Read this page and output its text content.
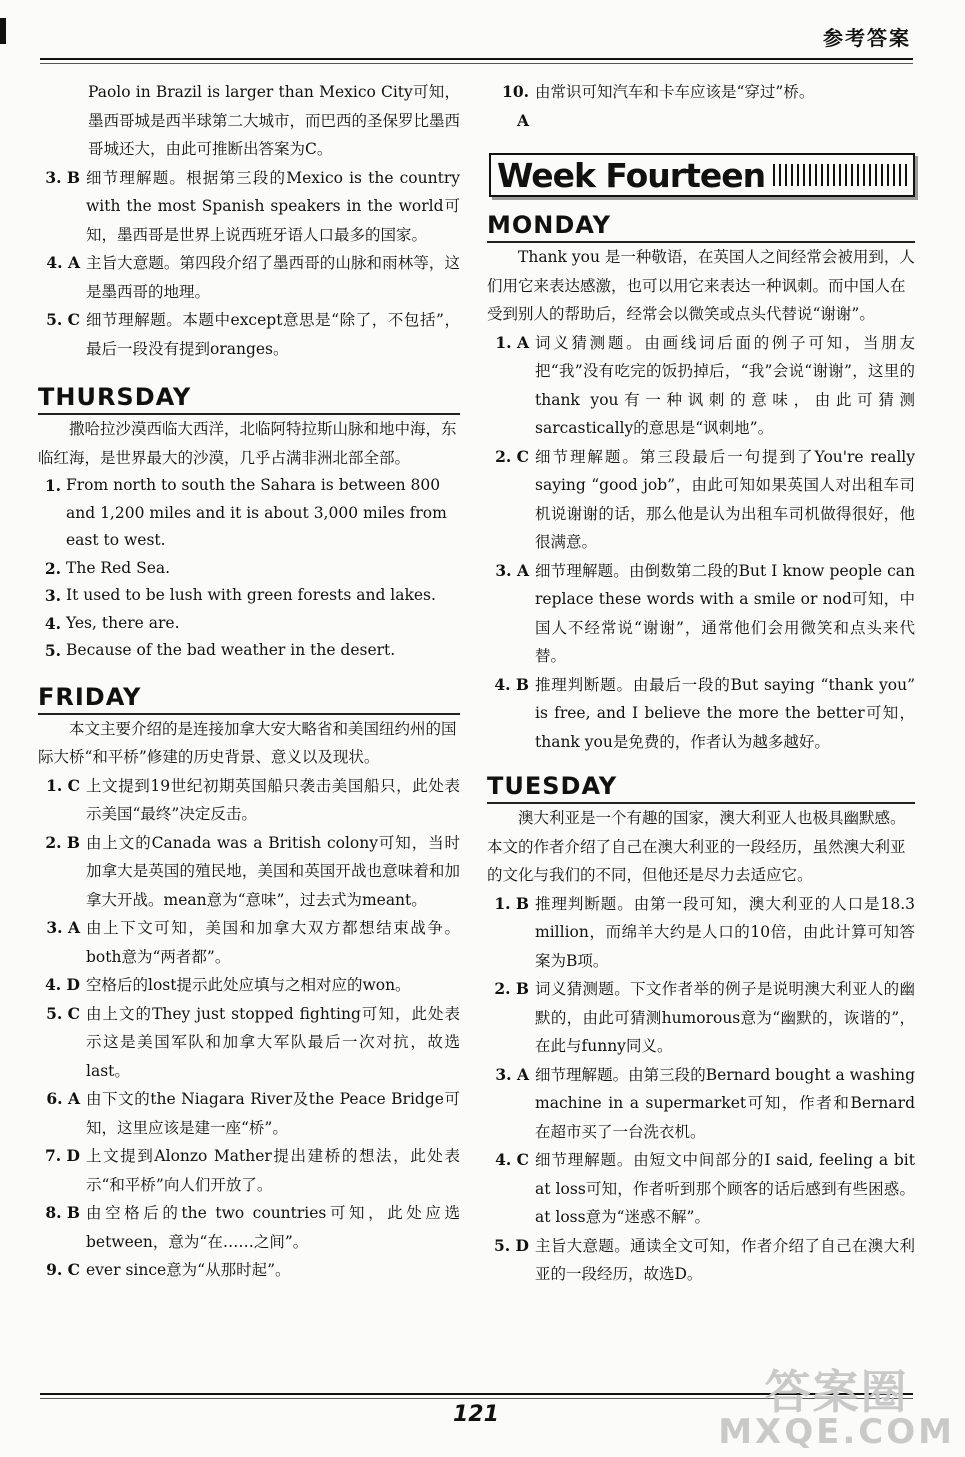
参考答案
Paolo in Brazil is larger than Mexico City可知，墨西哥城是西半球第二大城市，而巴西的圣保罗比墨西哥城还大，由此可推断出答案为C。
3. B 细节理解题。根据第三段的Mexico is the country with the most Spanish speakers in the world可知，墨西哥是世界上说西班牙语人口最多的国家。
4. A 主旨大意题。第四段介绍了墨西哥的山脉和雨林等，这是墨西哥的地理。
5. C 细节理解题。本题中except意思是“除了，不包括”，最后一段没有提到oranges。
THURSDAY

撒哈拉沙漠西临大西洋，北临阿特拉斯山脉和地中海，东临红海，是世界最大的沙漠，几乎占满非洲北部全部。

1. From north to south the Sahara is between 800 and 1,200 miles and it is about 3,000 miles from east to west.
2. The Red Sea.
3. It used to be lush with green forests and lakes.
4. Yes, there are.
5. Because of the bad weather in the desert.
FRIDAY

本文主要介绍的是连接加拿大安大略省和美国纽约州的国际大桥“和平桥”修建的历史背景、意义以及现状。

1. C 上文提到19世纪初期英国船只袭击美国船只，此处表示美国“最终”决定反击。
2. B 由上文的Canada was a British colony可知，当时加拿大是英国的殖民地，美国和英国开战也意味着和加拿大开战。mean意为“意味”，过去式为meant。
3. A 由上下文可知，美国和加拿大双方都想结束战争。both意为“两者都”。
4. D 空格后的lost提示此处应填与之相对应的won。
5. C 由上文的They just stopped fighting可知，此处表示这是美国军队和加拿大军队最后一次对抗，故选last。
6. A 由下文的the Niagara River及the Peace Bridge可知，这里应该是建一座“桥”。
7. D 上文提到Alonzo Mather提出建桥的想法，此处表示“和平桥”向人们开放了。
8. B 由空格后的the two countries可知，此处应选between，意为“在……之间”。
9. C ever since意为“从那时起”。
10. A
由常识可知汽车和卡车应该是“穿过”桥。
Week Fourteen
MONDAY

Thank you 是一种敬语，在英国人之间经常会被用到，人们用它来表达感激，也可以用它来表达一种讽刺。而中国人在受到别人的帮助后，经常会以微笑或点头代替说“谢谢”。

1. A 词义猜测题。由画线词后面的例子可知，当朋友把“我”没有吃完的饭扔掉后，“我”会说“谢谢”，这里的thank you有一种讽刺的意味，由此可猜测sarcastically的意思是“讽刺地”。
2. C 细节理解题。第三段最后一句提到了You're really saying “good job”，由此可知如果英国人对出租车司机说谢谢的话，那么他是认为出租车司机做得很好，他很满意。
3. A 细节理解题。由倒数第二段的But I know people can replace these words with a smile or nod可知，中国人不经常说“谢谢”，通常他们会用微笑和点头来代替。
4. B 推理判断题。由最后一段的But saying “thank you” is free, and I believe the more the better可知，thank you是免费的，作者认为越多越好。
TUESDAY

澳大利亚是一个有趣的国家，澳大利亚人也极具幽默感。本文的作者介绍了自己在澳大利亚的一段经历，虽然澳大利亚的文化与我们的不同，但他还是尽力去适应它。

1. B 推理判断题。由第一段可知，澳大利亚的人口是18.3 million，而绵羊大约是人口的10倍，由此计算可知答案为B项。
2. B 词义猜测题。下文作者举的例子是说明澳大利亚人的幽默的，由此可猜测humorous意为“幽默的，诙谐的”，在此与funny同义。
3. A 细节理解题。由第三段的Bernard bought a washing machine in a supermarket可知，作者和Bernard 在超市买了一台洗衣机。
4. C 细节理解题。由短文中间部分的I said, feeling a bit at loss可知，作者听到那个顾客的话后感到有些困惑。at loss意为“迷惑不解”。
5. D 主旨大意题。通读全文可知，作者介绍了自己在澳大利亚的一段经历，故选D。
121	答案圈
MXQE.COM
